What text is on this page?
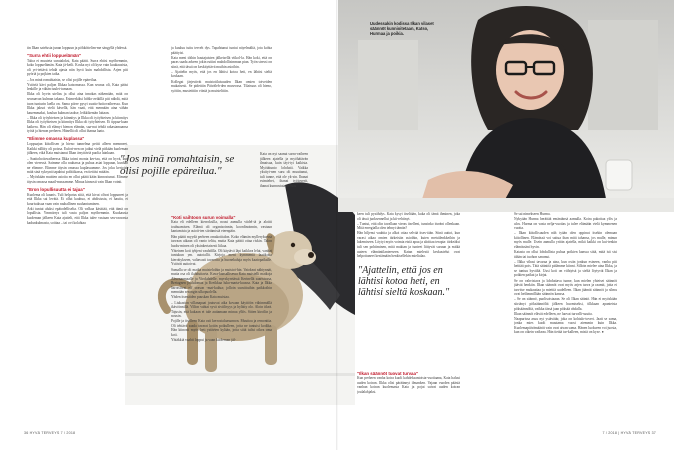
tin Ilkan satelusta junan loppuun ja pöhköttelim-me sängyllä yhdessä.

"Surra ehtii loppuelämän"

Taloa ei muuteta surutaloksi, Kata päätti. Surra ehtisi myöhemmin, koko loppuelämän. Kata jä-keili. Koska nyt oli kyse vain kuukausista, oli yri-tettävä tehdä ajasta niin hyvä kuin mahdollista. Arjen piti pyöriä ja pojkien taika.

– Jos minä romahtaisin, se olisi pojille epäreilua.

Ystäviä kävi paljon Ilkkaa katsomassa. Kun seurua oli, Kata pääsi lenkille ja vähän tuulet-tumaan.

Ilkka oli hyvin utelias ja ollut aina innokas näkemään, mitä on seuraavan kulman takana. Esimerkiksi höhlo-zeikillä piti nähdä, mitä tuon tunturin laella on. Sama piirre pysyi suatto-hoitovaiheessa. Kun Ilkka jaksoi vielä kävellä, hän vaati, että mennään aina vähän kauemmaksi, koulun kulman taakse, leikkikentän laitaan.

– Ilkka oli työyhteisen ja kiinnitys ja Ilkka oli työyhteisen ja kiinnitys Ilkka oli työyhteisen ja kiinnitys Ilkka oli työyhteisen. Ei tippaa-kaan katkera. Hän oli elämyt hienon elämän, saa-nut tehdä rakastamaansa työtä ja hienon perheen. Hänellä oli ollut ihanaa laata.

"Elimme omassa kuplassa"

Loppuajan kiitollisen ja hieno tunnelma peitti alleen mennneet. Kaikki nilliity oli poissa. Eufori-nen on jatkui vielä pitkään kuoleman jälkeen, eikä Kata muistanut Ilkan ärsyttäviä puolia lainkaan.

– Saattohoitovaiheessa Ilkka toimi monta ker-taa, että on hyvä, kun olen vieressä. Saimme olla rauhassa ja puhua asiat loppuun, kunhan ne elimme. Elimme täysin omassa kuplassamme. Jos joku kertoisi, mitä sinä syksynä tapahtui politiikassa, en tietäisi mitään.

– Myöskään muitten asioita en ollut päätä kään kinnostunut. Elimme täysin omassa maail-massamme. Minua kinnosti vain Ilkan vointi.

"Eron lopullisuutta ei tajua"

Kuolema oli kaunis. Tuli helpotus siitä, että kivut olivat loppuneet ja että Ilkka sai levätä. Ei ollut kauhua, ei ahdistusta, ei hautia, ei kourisaksua vaan vain rauhallinen suuhantuminen.

Arki tuntui aluksi epätodelliselta. Oli valkoa käsittää, että tämä on lopullista. Ymmärrys tuli vasta paljon myöhemmin. Kuukausia kuoleman jälkeen Kata ajatteli, että Ilkka tulee vastaan seu-raavasta kadunkulmasta, soittaa – tai ovi kolahtaa

ja kuuluu tuttu terveh dys. Tapahtunut tuntui näyelmältä, jota kohta päättyisi.

Kata meni töihin hautajaisten jälkeisellä viikol-la. Hän koki, että on paras saada arkeen jokin rutiini mahdollisimman pian. Työn stressi on siinä, että tässä on keskityttävä muihin asioihin.

– Ajattelin myös, että jos en lähtisi kotoa heti, en lähtisi sieltä koskaan.

Kollegat järjestivät muistotilaisuuden Ilkan omien toiveiden mukaisesti. Se pidettiin Päiväleh-den museossa. Tilaisuus oli hieno, syötiin, mustetttiin viiniä ja muistelttiin.

"Koti vaihtoon surun voimalla"

Kata eli edelleen kierroksilla, nousi aamulla viidel-tä ja aloitti touhuamisen. Elämä oli organisoinnin, koordinoinnin, vastuun kantamista ja asioit-ten siirtämistä eteenpäin.

Hän päätti myydä perheen omakotitalon. Koko elämän mylleryksessä tarvaan aikaan oli vanto teltta, mutta Kata päätti ottaa riskin. Talon huolu-minen oli yksinkertaisesti liikaa.

Yhteinen koti tyhjeni vauhdilla. Oli käytävä läpi kaikkea lelut, vanhat tuntukun ym. autotallit. Kirjoja meni kymmeniä laatikoita kierrätykseen, valtavasti tavaroita ja huonekaluja myös kaatopaikalle. Ystävät auttoivat.

Samalla se oli matka muisteloihin ja muistoi-hin. Vaiokeat nähtynnät, mutta osa oli ilahduttavia. Kuva-kansallisessa Kata muistelli matkoja Ahvenanmaalle ja Virolahdelle, myrskyreiässä Kerinellä saaristossa, Bretagnen joululomaa ja Kreikkaa luka-marta-kuussa. Kata ja Ilkka harrastivat off season -mat-kailua; jolloin suosittuihin paikkoihin mennään sesongin ulkopuolella.

Yhden itsenäiden puuskan Kata muistaa.

– Liukaston villanapaat joutuvat aika kovaan käyttöön vähimmällä ikävöinnillä. Villon vahtai syvä siviilisyys ja hylätty olo. Aloin itkeä. Tajusin, että kukaan ei tule auttamaan minua yllös. Sitten kiroilin ja nousin.

Pojille ja itselleen Kata osti kerrostaloasunnon. Muuttoa ja remonttia. Oli tehtävä saada tavarat kotiin poikulleen, jotta ne tuntuisi kodilta. Hän kiinosti myös heti ystävien kylään, jotta siitä tulisi oikea oma koti.

Yhtäkkiä vaahti loppui ja vaan kuoleman jäl-

"Jos minä romahtaisin, se olisi pojille epäreilua."
36 HYVÄ TERVEYS 7 / 2018
Uudessakin kodissa Ilkan vilaset säännöt kunnioitetaan, Katso, Hurmaa ja poikia.

Kata on nyt saanut surra-vaiheen jälkeen ajatella ja myöhätävän ilmaisua, kuin täyt-tyi kaikista. Myötätunto lohdutti. Vaikka yksityi-nen suru oli muuttanut, tuli tunne, että ole yk-sin. Ihanat esimiehet, ihanat työtoverit, ihanat kunnostatavat tutu

keen tuli pysähdys. Kata kysyi itseltään, kuka oli tämä ihminen, joka oli tässä juoksennellut ja kii-rehtinyt.

– Tuntui, että olin tavallaan vieras itselleni, tunsinko itseäni ollenkaan. Mitä energialla olen tehnyt tämän?

Hän hiljensi vauhtia ja alkoi ottaa selvää itses-tään. Siinä auttoi, kun varasi aikaa omien tärkeisiin asioihin, kuten metsälenkkeihin ja lukemiseen. Löytyi myös voimia etsiä apua ja aloittaa terapia: tärkeäksi tuli sen pohtiminen, mitä maktan ja tunteet liittyvät suruun ja mitkä uuteen elämäntilanteeseen. Katan mielestä keskustelut ovat helpottaneet kestämään henkisellekin mielialaa.

"Ajattelin, että jos en lähtisi kotoa heti, en lähtisi sieltä koskaan."
"Ilkan säännöt tuovat turvaa"

Kun perheen vanha koira kuoli kahdeksantoista-vuotiaana, Kata halusi uuden koiran. Ilkka olisi päräännyt ilmanken. Vajaan vuoden päästä vanhan koiran kuolemasta Kata ja pojat saivat uuden koiran joulalahjaksi.

Se sai nimekseen Hurma.

Nykyään Hurma herättää emäntänsä aamulla. Koira pakottaa ylös ja ulos. Hurma on vasta nelja-vuotias ja tulee elämään vielä kymmenen vuotta.

– Ilkan kiitollisuuden näh tyään olen oppinut itsekin olemaan kiitollinen. Elämässä voi sattua ihan mitä tahansa, jos mulle, minun myös mulle. Usein aamulla yritän ajatella, mikä kaikki on kui-tenkin elämässäni hyvin.

Katasta on ollut lohdullista puhua poikien kanssa siitä, mitä isä sisi tähän tai tuohon sanonut.

– Ilkka vihasi tavaraa ja aina, kun ostin jonkun esineen, vanha piti heittää pois. Tätä sääntöä pidämme kiinni. Silloin mielee aina Ilkka, ja se tuntuu hyvältä. Uusi koti on viihtyisä ja sieltä löytyvät Ilkan ja poikien paikat ja kirjat.

Se on vahvistava ja lohduttava tunne, kun mielen yhteiset säännöt jäävät henkiin. Ilkan säännöt ovat myös arjen turva ja raamit, joita ei tarvitse mukauttaa ja miettiä uudelleen. Ilkan jäämät säännöt ja silmu ovat heilimmillään säännön kanssa.

– Se on säännö, puolisoistaaan. Se oli Ilkan sääntö. Hän ei myöskään siirtänyt pöksäännöltä jälkeen huomiseksi, tilkkaan apanteista pöksäännöltä, vaikka tässä jaan pöksää ohdalla.

Ilkan säännöt elävät edelleen, ne luovat turvalli-suutta.

Naapurissa asuu nyt ystävätär, joka on kohtalo-toveri. Jaatt se sama, jonka mies kuoli muutama vuosi aiemmin kuin Ilkka. Kuolemapäivämäärät vain ovat aivan sama. Hänen luokseen voi juosta, kun on oikein vaikeaa. Hän tietää tar-kalleen, mistä on kyse. ●

7 / 2018 | HYVÄ TERVEYS 37
